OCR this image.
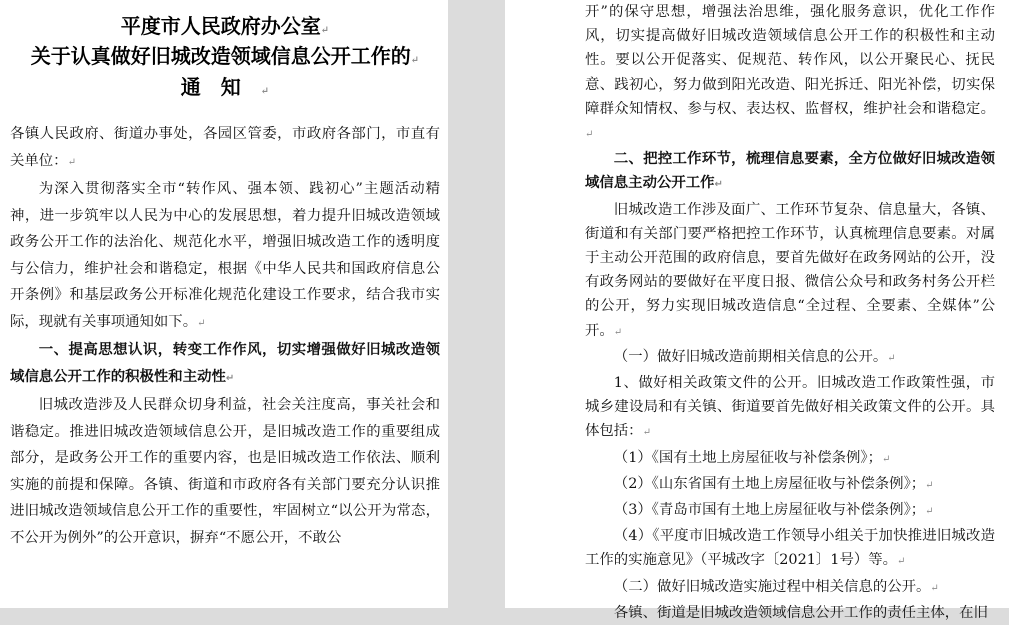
平度市人民政府办公室↵
关于认真做好旧城改造领域信息公开工作的↵
通知↵

各镇人民政府、街道办事处，各园区管委，市政府各部门，市直有关单位：↵

为深入贯彻落实全市“转作风、强本领、践初心”主题活动精神，进一步筑牢以人民为中心的发展思想，着力提升旧城改造领域政务公开工作的法治化、规范化水平，增强旧城改造工作的透明度与公信力，维护社会和谐稳定，根据《中华人民共和国政府信息公开条例》和基层政务公开标准化规范化建设工作要求，结合我市实际，现就有关事项通知如下。↵

一、提高思想认识，转变工作作风，切实增强做好旧城改造领域信息公开工作的积极性和主动性↵

旧城改造涉及人民群众切身利益，社会关注度高，事关社会和谐稳定。推进旧城改造领域信息公开，是旧城改造工作的重要组成部分，是政务公开工作的重要内容，也是旧城改造工作依法、顺利实施的前提和保障。各镇、街道和市政府各有关部门要充分认识推进旧城改造领域信息公开工作的重要性，牢固树立“以公开为常态，不公开为例外”的公开意识，摒弃“不愿公开，不敢公

开”的保守思想，增强法治思维，强化服务意识，优化工作作风，切实提高做好旧城改造领域信息公开工作的积极性和主动性。要以公开促落实、促规范、转作风，以公开聚民心、抚民意、践初心，努力做到阳光改造、阳光拆迁、阳光补偿，切实保障群众知情权、参与权、表达权、监督权，维护社会和谐稳定。↵

二、把控工作环节，梳理信息要素，全方位做好旧城改造领域信息主动公开工作↵

旧城改造工作涉及面广、工作环节复杂、信息量大，各镇、街道和有关部门要严格把控工作环节，认真梳理信息要素。对属于主动公开范围的政府信息，要首先做好在政务网站的公开，没有政务网站的要做好在平度日报、微信公众号和政务村务公开栏的公开，努力实现旧城改造信息“全过程、全要素、全媒体”公开。↵

（一）做好旧城改造前期相关信息的公开。↵

1、做好相关政策文件的公开。旧城改造工作政策性强，市城乡建设局和有关镇、街道要首先做好相关政策文件的公开。具体包括：↵

（1）《国有土地上房屋征收与补偿条例》；↵

（2）《山东省国有土地上房屋征收与补偿条例》；↵

（3）《青岛市国有土地上房屋征收与补偿条例》；↵

（4）《平度市旧城改造工作领导小组关于加快推进旧城改造工作的实施意见》（平城改字〔2021〕1号）等。↵

（二）做好旧城改造实施过程中相关信息的公开。↵

各镇、街道是旧城改造领域信息公开工作的责任主体，在旧
